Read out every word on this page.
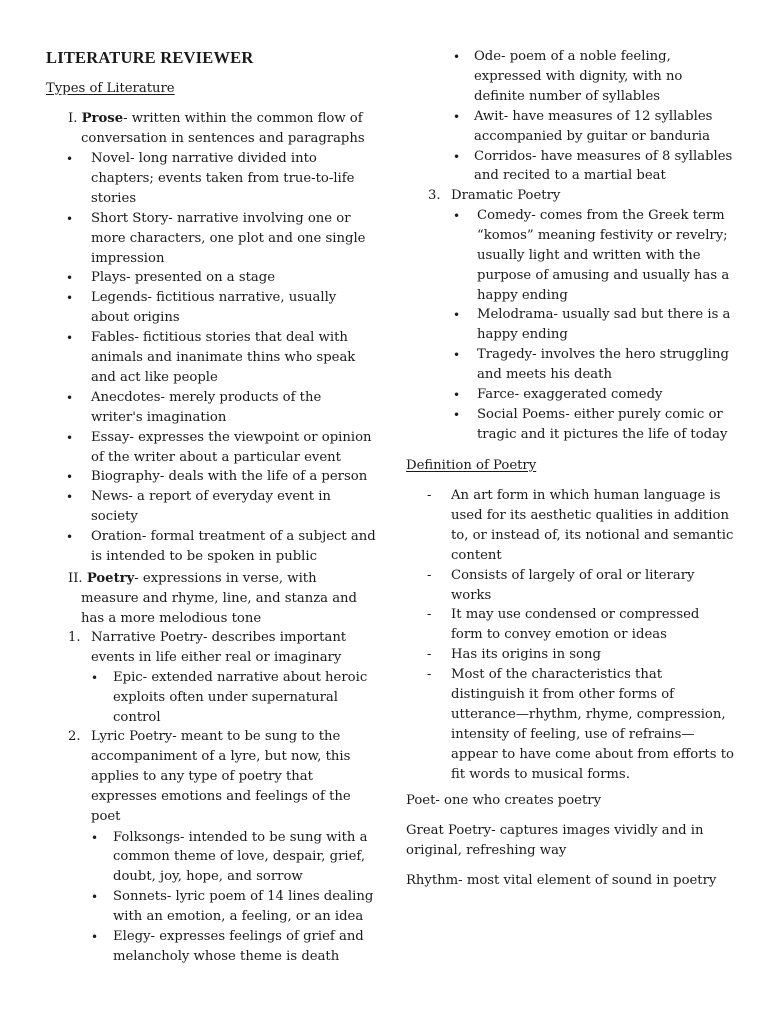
LITERATURE REVIEWER
Types of Literature
I. Prose- written within the common flow of
conversation in sentences and paragraphs
• Novel- long narrative divided into
chapters; events taken from true-to-life
stories
• Short Story- narrative involving one or
more characters, one plot and one single
impression
• Plays- presented on a stage
• Legends- fictitious narrative, usually
about origins
• Fables- fictitious stories that deal with
animals and inanimate thins who speak
and act like people
• Anecdotes- merely products of the
writer's imagination
• Essay- expresses the viewpoint or opinion
of the writer about a particular event
• Biography- deals with the life of a person
• News- a report of everyday event in
society
• Oration- formal treatment of a subject and
is intended to be spoken in public
II. Poetry- expressions in verse, with
measure and rhyme, line, and stanza and
has a more melodious tone
1. Narrative Poetry- describes important
events in life either real or imaginary
• Epic- extended narrative about heroic
exploits often under supernatural
control
2. Lyric Poetry- meant to be sung to the
accompaniment of a lyre, but now, this
applies to any type of poetry that
expresses emotions and feelings of the
poet
• Folksongs- intended to be sung with a
common theme of love, despair, grief,
doubt, joy, hope, and sorrow
• Sonnets- lyric poem of 14 lines dealing
with an emotion, a feeling, or an idea
• Elegy- expresses feelings of grief and
melancholy whose theme is death
• Ode- poem of a noble feeling,
expressed with dignity, with no
definite number of syllables
• Awit- have measures of 12 syllables
accompanied by guitar or banduria
• Corridos- have measures of 8 syllables
and recited to a martial beat
3. Dramatic Poetry
• Comedy- comes from the Greek term
“komos” meaning festivity or revelry;
usually light and written with the
purpose of amusing and usually has a
happy ending
• Melodrama- usually sad but there is a
happy ending
• Tragedy- involves the hero struggling
and meets his death
• Farce- exaggerated comedy
• Social Poems- either purely comic or
tragic and it pictures the life of today
Definition of Poetry
- An art form in which human language is
used for its aesthetic qualities in addition
to, or instead of, its notional and semantic
content
- Consists of largely of oral or literary
works
- It may use condensed or compressed
form to convey emotion or ideas
- Has its origins in song
- Most of the characteristics that
distinguish it from other forms of
utterance—rhythm, rhyme, compression,
intensity of feeling, use of refrains—
appear to have come about from efforts to
fit words to musical forms.
Poet- one who creates poetry
Great Poetry- captures images vividly and in
original, refreshing way
Rhythm- most vital element of sound in poetry
